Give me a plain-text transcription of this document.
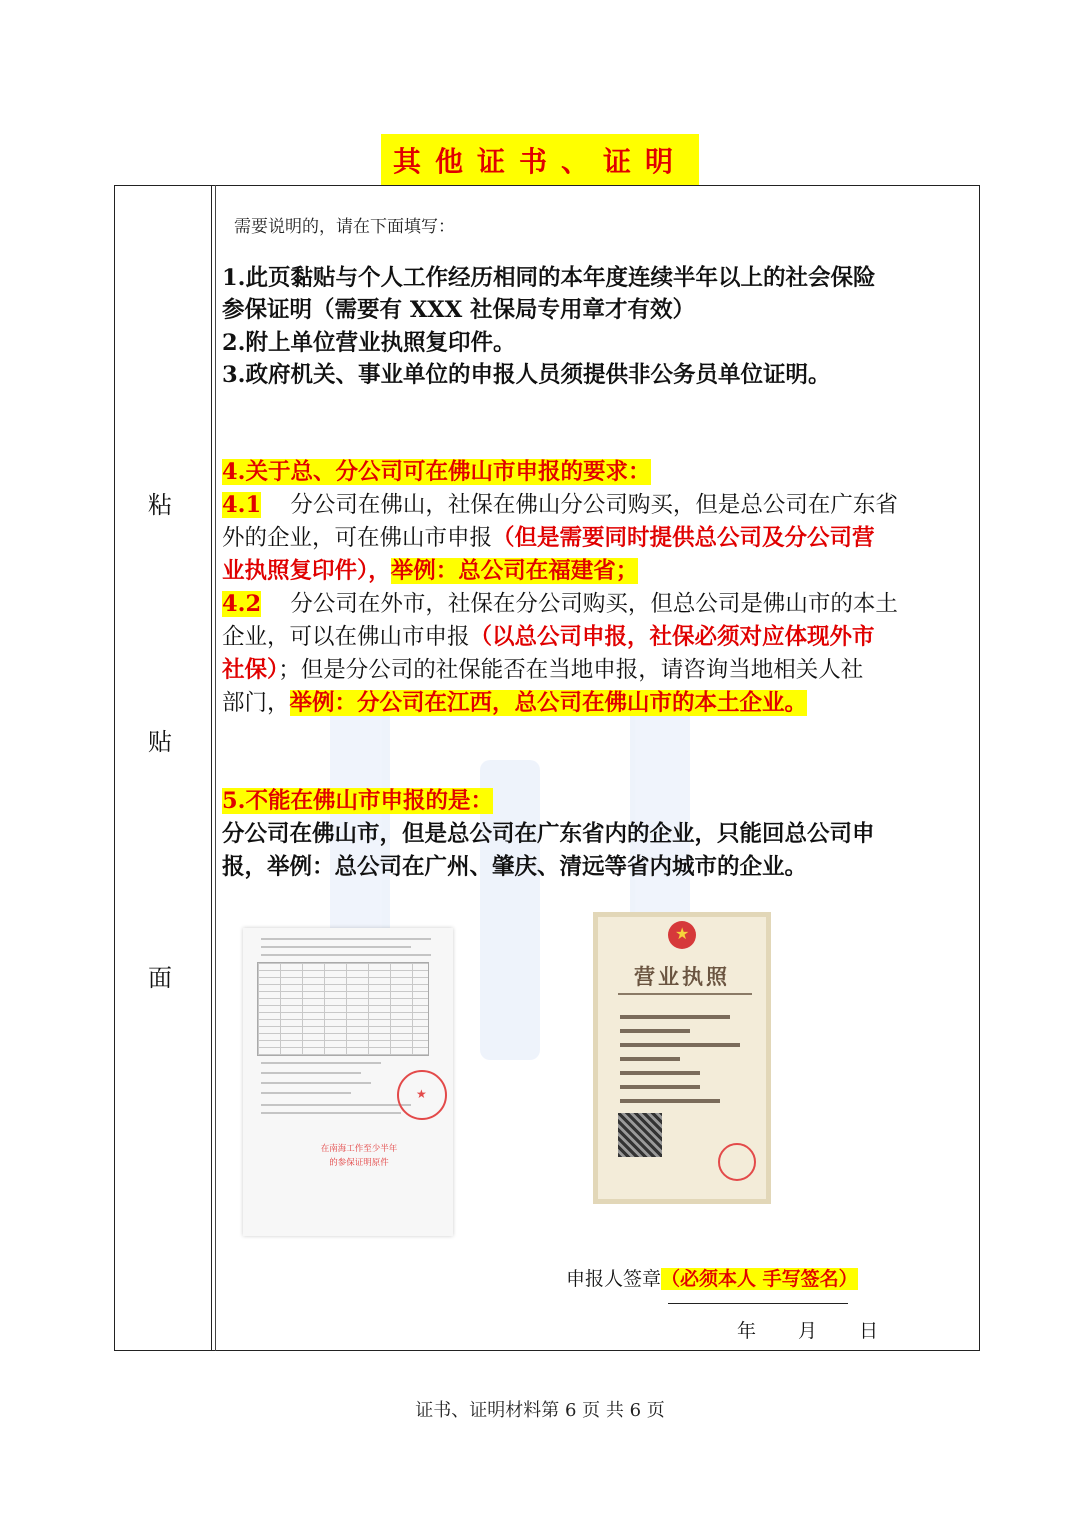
其他证书、证明
粘
贴
面
需要说明的，请在下面填写：
1.此页黏贴与个人工作经历相同的本年度连续半年以上的社会保险
参保证明（需要有 XXX 社保局专用章才有效）
2.附上单位营业执照复印件。
3.政府机关、事业单位的申报人员须提供非公务员单位证明。
4.关于总、分公司可在佛山市申报的要求：
4.1 分公司在佛山，社保在佛山分公司购买，但是总公司在广东省
外的企业，可在佛山市申报（但是需要同时提供总公司及分公司营
业执照复印件），举例：总公司在福建省；
4.2 分公司在外市，社保在分公司购买，但总公司是佛山市的本土
企业，可以在佛山市申报（以总公司申报，社保必须对应体现外市
社保）；但是分公司的社保能否在当地申报，请咨询当地相关人社
部门，举例：分公司在江西，总公司在佛山市的本土企业。
5.不能在佛山市申报的是：
分公司在佛山市，但是总公司在广东省内的企业，只能回总公司申
报，举例：总公司在广州、肇庆、清远等省内城市的企业。
★
在南海工作至少半年
的参保证明原件
★
营业执照
申报人签章（必须本人 手写签名）
年 月 日
证书、证明材料第 6 页 共 6 页
